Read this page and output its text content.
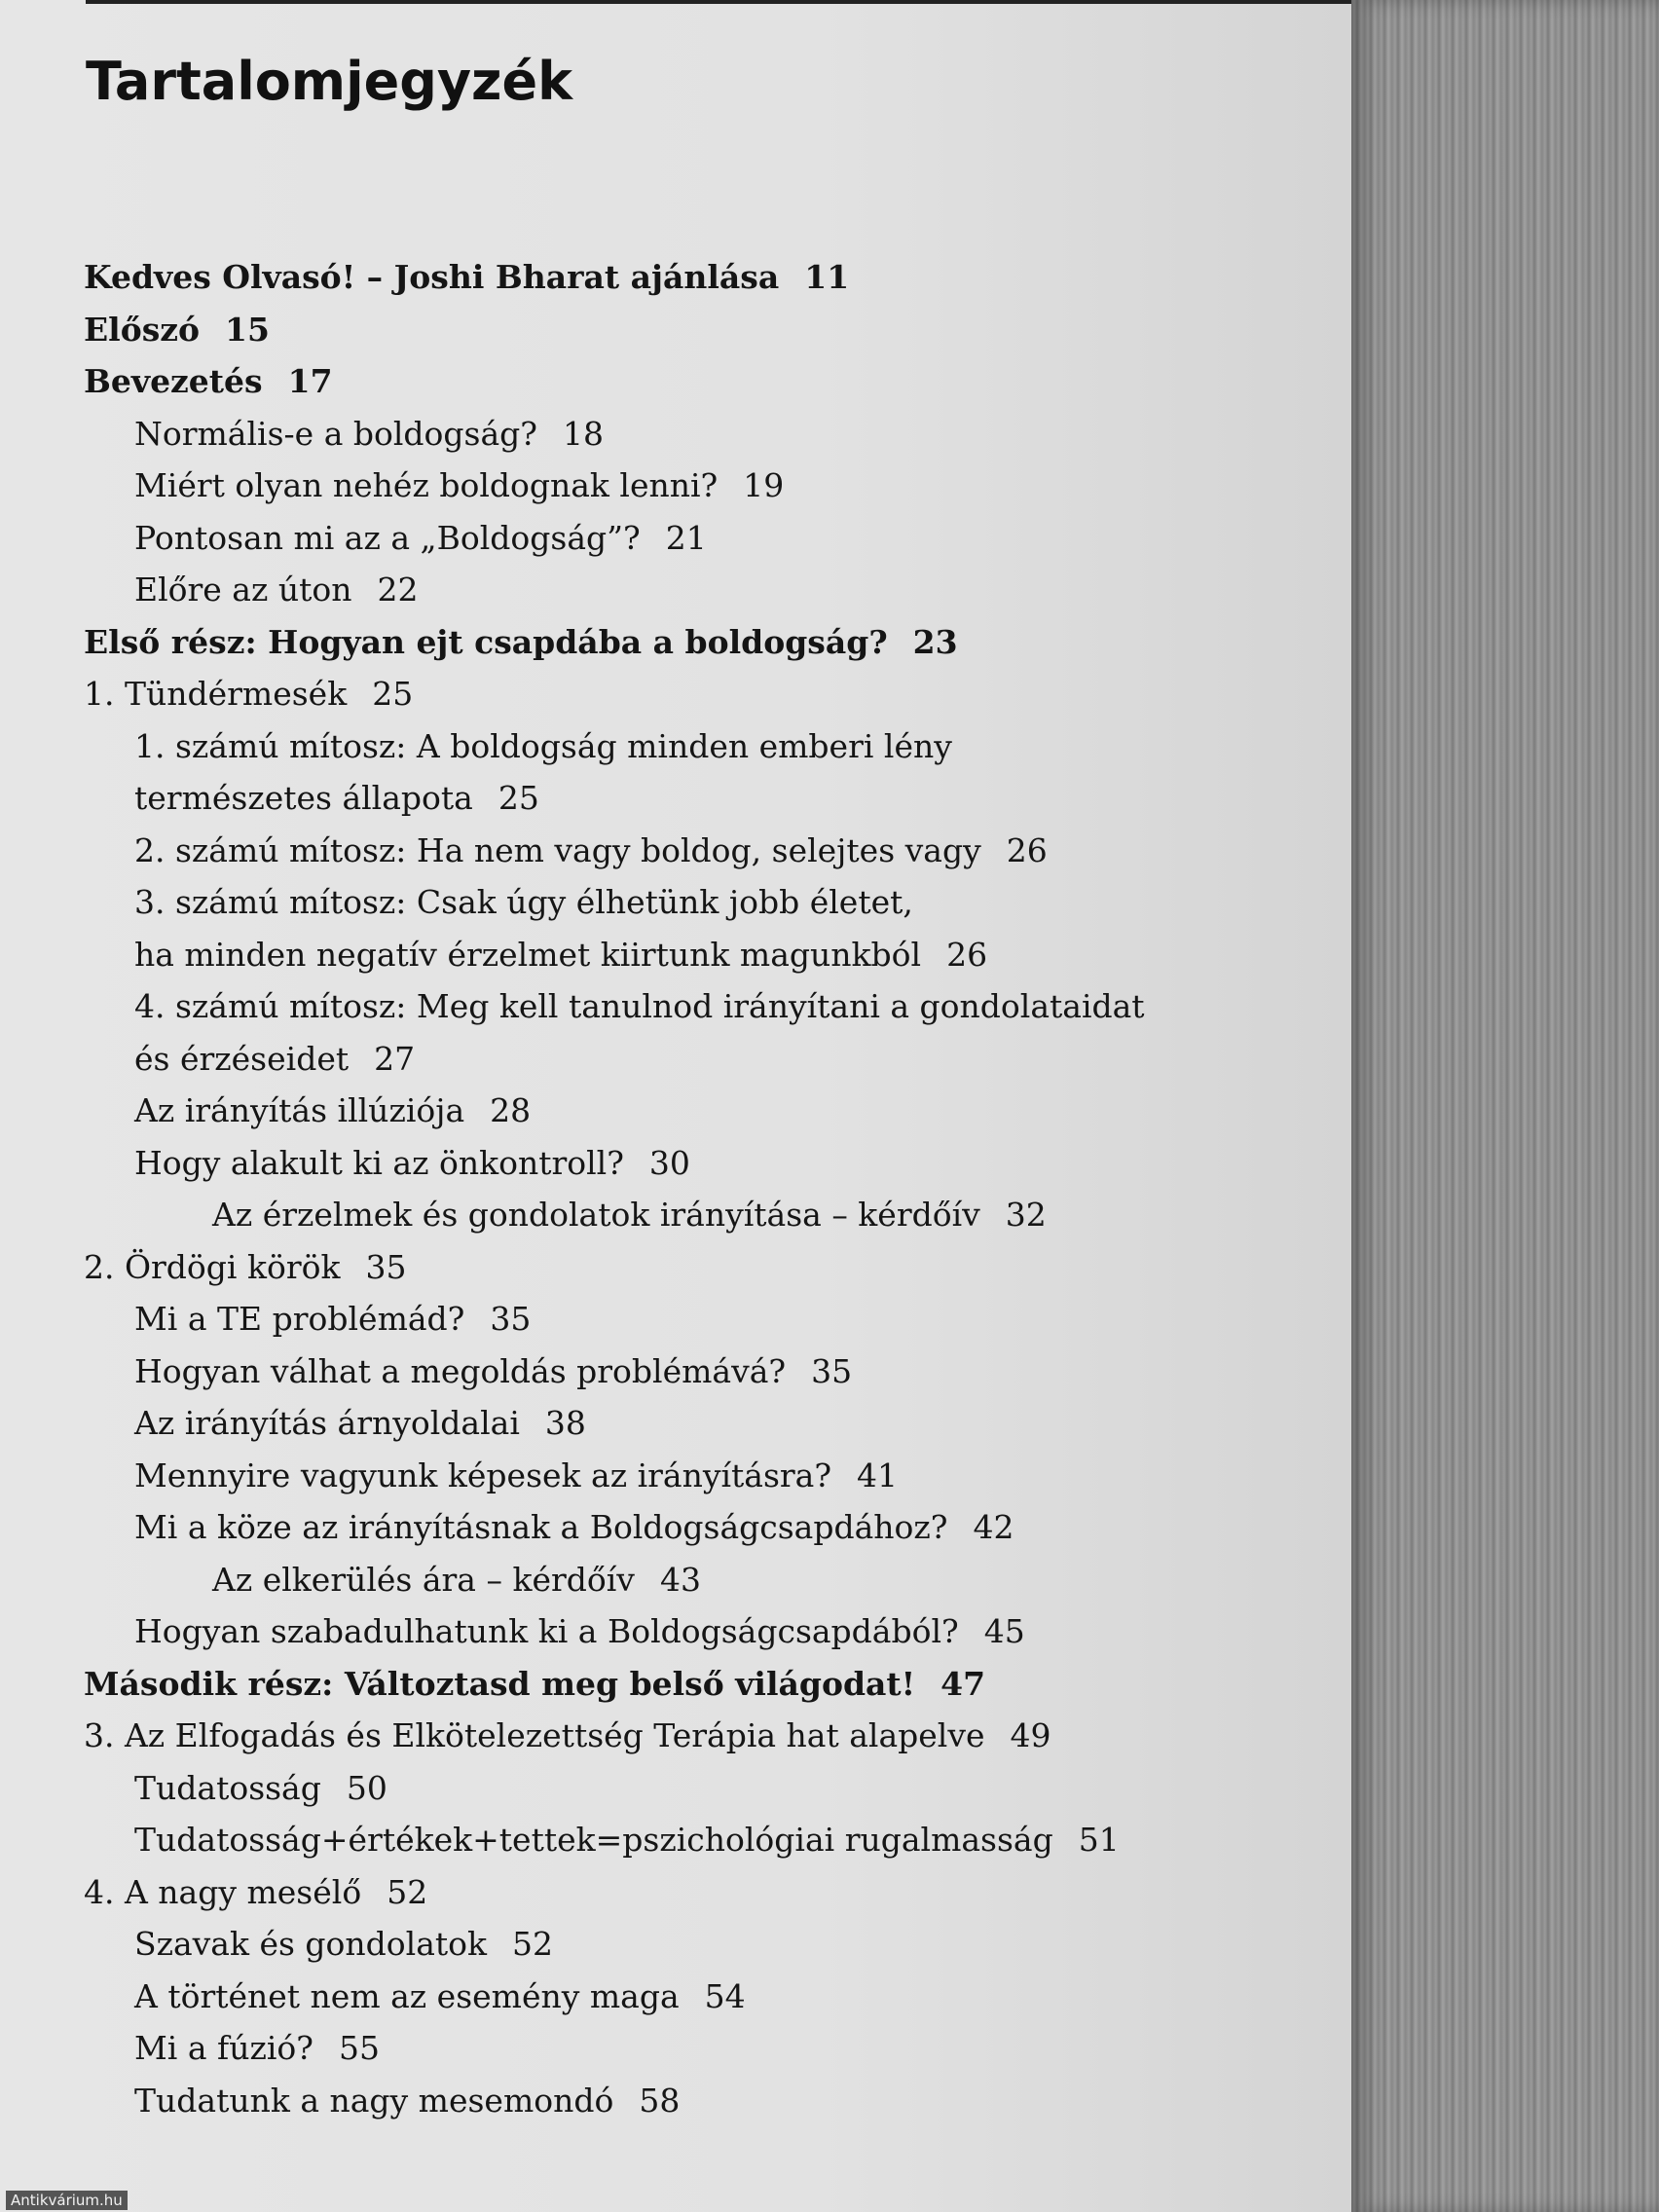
Tartalomjegyzék
Kedves Olvasó! – Joshi Bharat ajánlása 11
Előszó 15
Bevezetés 17
Normális-e a boldogság? 18
Miért olyan nehéz boldognak lenni? 19
Pontosan mi az a „Boldogság”? 21
Előre az úton 22
Első rész: Hogyan ejt csapdába a boldogság? 23
1. Tündérmesék 25
1. számú mítosz: A boldogság minden emberi lény
természetes állapota 25
2. számú mítosz: Ha nem vagy boldog, selejtes vagy 26
3. számú mítosz: Csak úgy élhetünk jobb életet,
ha minden negatív érzelmet kiirtunk magunkból 26
4. számú mítosz: Meg kell tanulnod irányítani a gondolataidat
és érzéseidet 27
Az irányítás illúziója 28
Hogy alakult ki az önkontroll? 30
Az érzelmek és gondolatok irányítása – kérdőív 32
2. Ördögi körök 35
Mi a TE problémád? 35
Hogyan válhat a megoldás problémává? 35
Az irányítás árnyoldalai 38
Mennyire vagyunk képesek az irányításra? 41
Mi a köze az irányításnak a Boldogságcsapdához? 42
Az elkerülés ára – kérdőív 43
Hogyan szabadulhatunk ki a Boldogságcsapdából? 45
Második rész: Változtasd meg belső világodat! 47
3. Az Elfogadás és Elkötelezettség Terápia hat alapelve 49
Tudatosság 50
Tudatosság+értékek+tettek=pszichológiai rugalmasság 51
4. A nagy mesélő 52
Szavak és gondolatok 52
A történet nem az esemény maga 54
Mi a fúzió? 55
Tudatunk a nagy mesemondó 58
Antikvárium.hu
